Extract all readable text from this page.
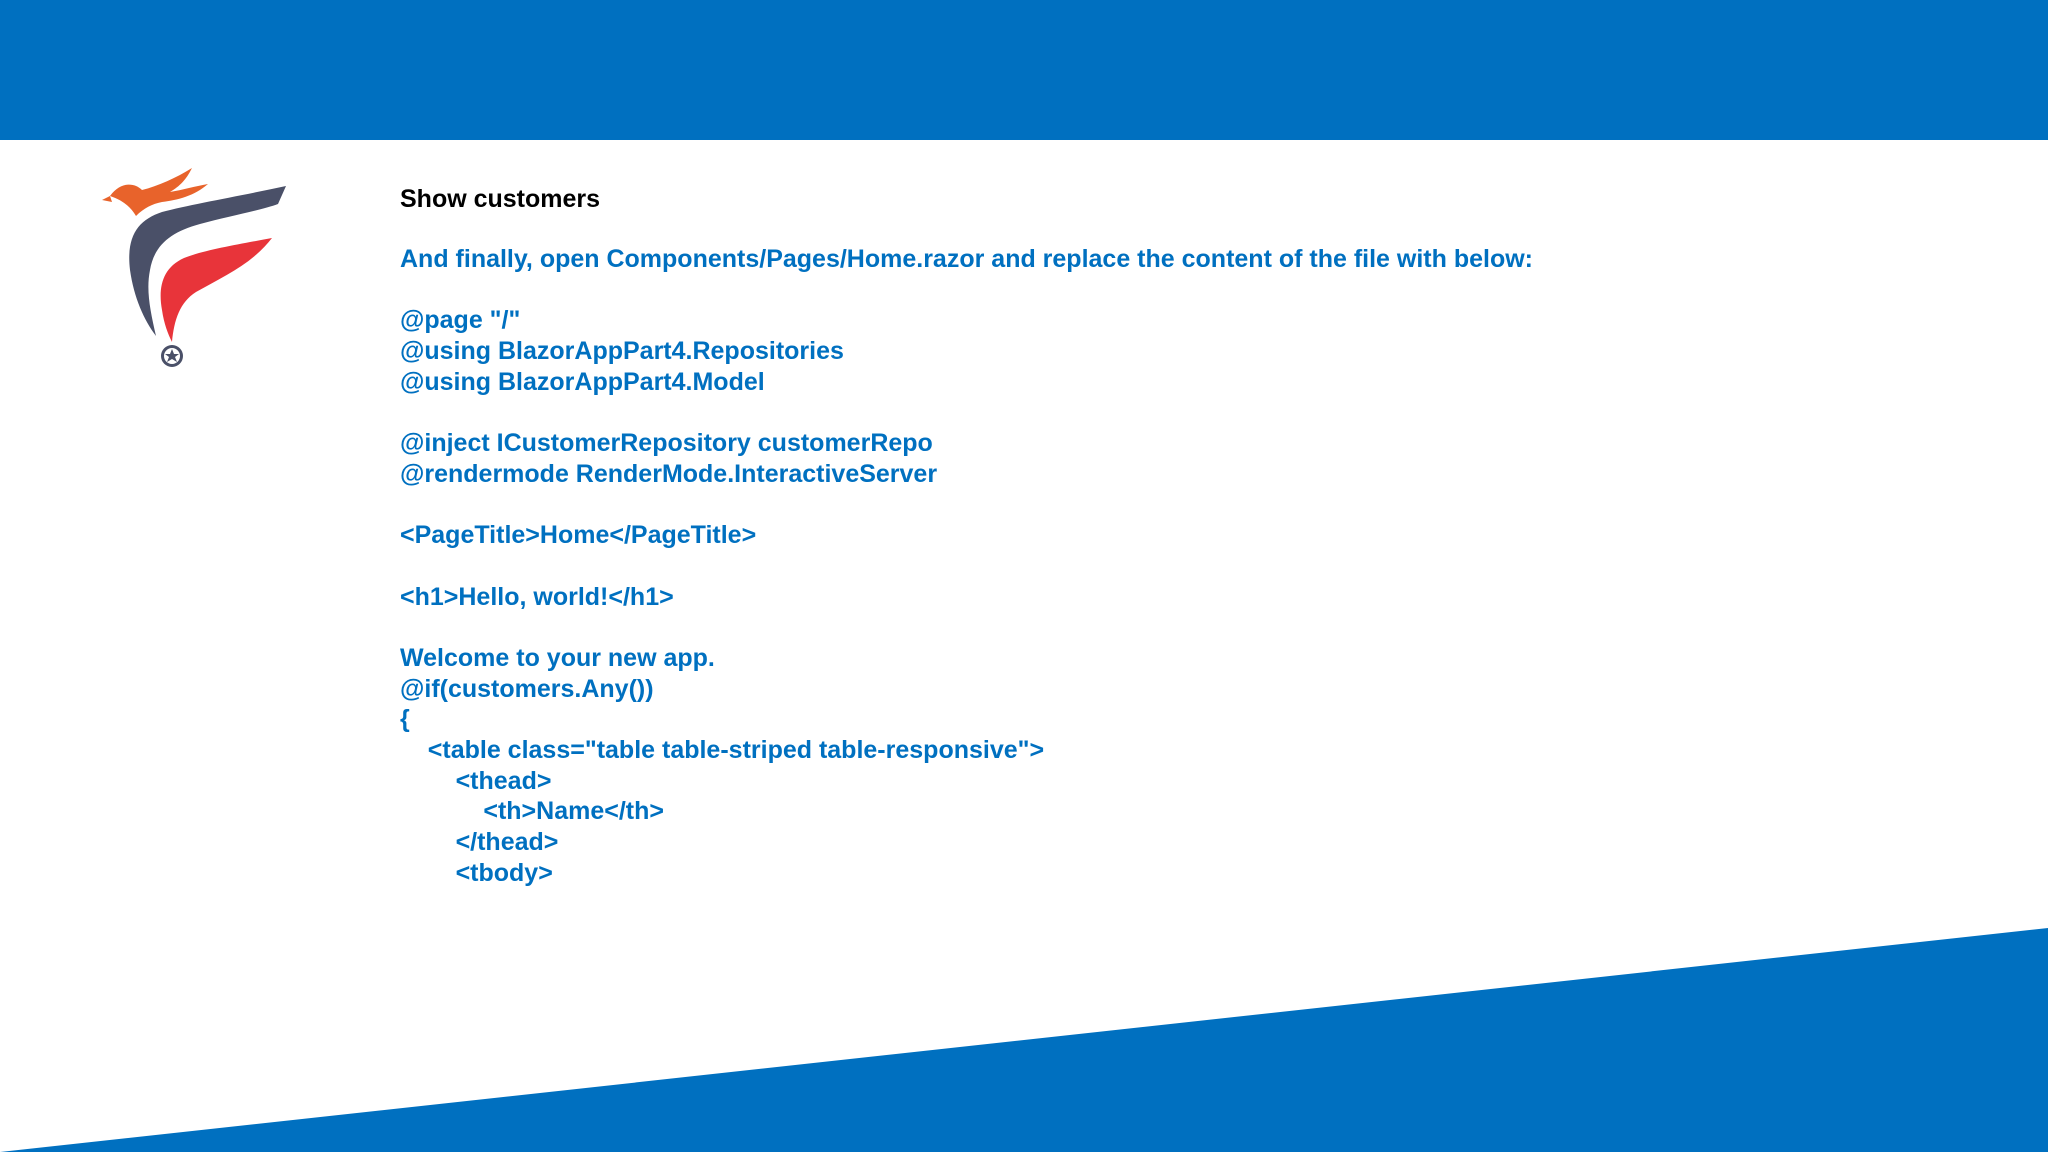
Show customers
And finally, open Components/Pages/Home.razor and replace the content of the file with below:
@page "/"
@using BlazorAppPart4.Repositories
@using BlazorAppPart4.Model
@inject ICustomerRepository customerRepo
@rendermode RenderMode.InteractiveServer
<PageTitle>Home</PageTitle>
<h1>Hello, world!</h1>
Welcome to your new app.
@if(customers.Any())
{
<table class="table table-striped table-responsive">
<thead>
<th>Name</th>
</thead>
<tbody>
